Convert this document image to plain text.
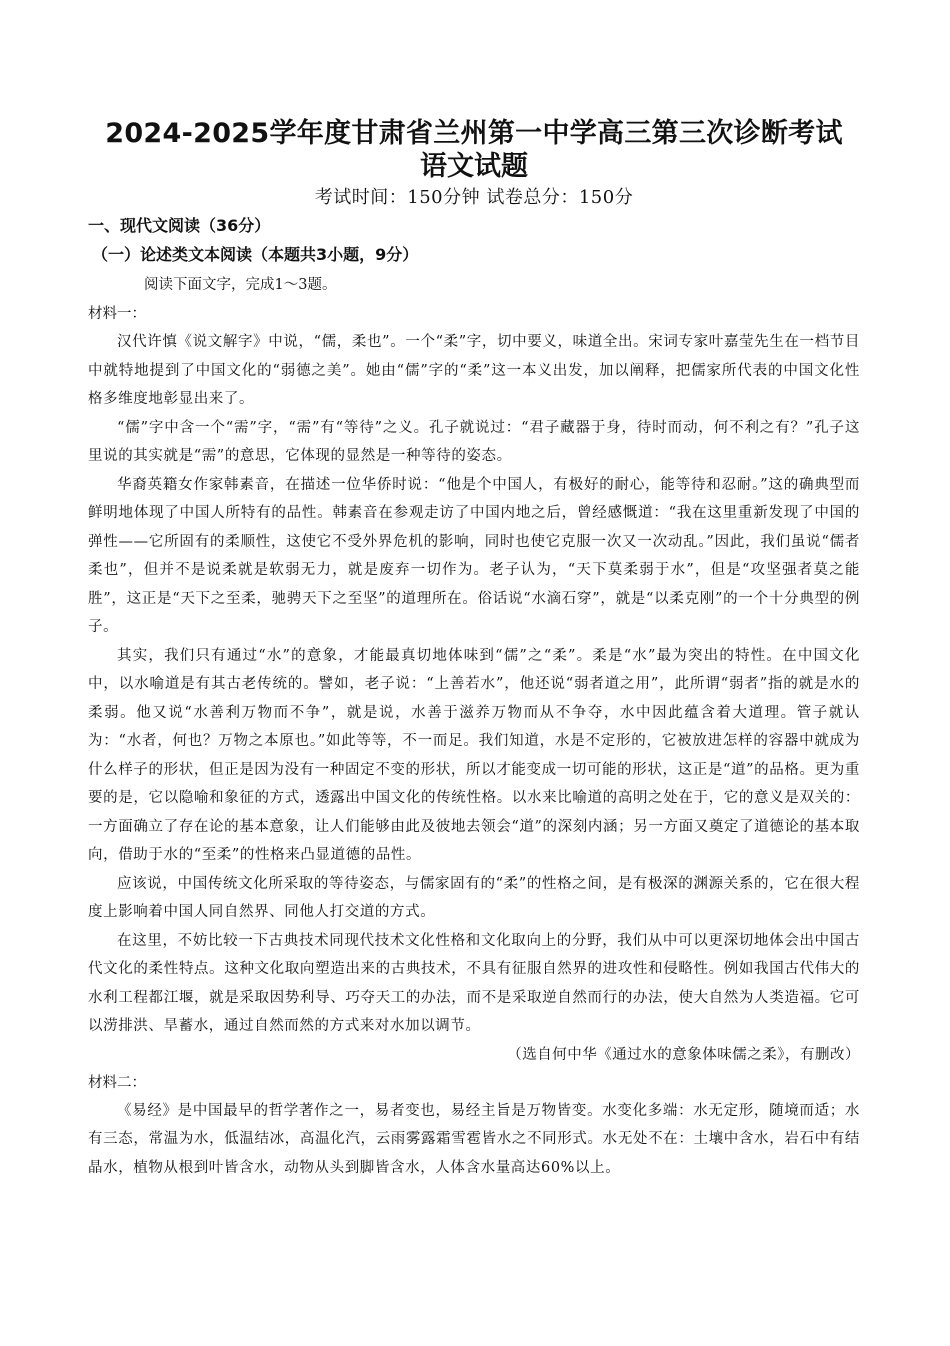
2024-2025学年度甘肃省兰州第一中学高三第三次诊断考试
语文试题

考试时间：150分钟 试卷总分：150分

一、现代文阅读（36分）

（一）论述类文本阅读（本题共3小题，9分）

阅读下面文字，完成1～3题。

材料一：

汉代许慎《说文解字》中说，“儒，柔也”。一个“柔”字，切中要义，味道全出。宋词专家叶嘉莹先生在一档节目中就特地提到了中国文化的“弱德之美”。她由“儒”字的“柔”这一本义出发，加以阐释，把儒家所代表的中国文化性格多维度地彰显出来了。

“儒”字中含一个“需”字，“需”有“等待”之义。孔子就说过：“君子藏器于身，待时而动，何不利之有？”孔子这里说的其实就是“需”的意思，它体现的显然是一种等待的姿态。

华裔英籍女作家韩素音，在描述一位华侨时说：“他是个中国人，有极好的耐心，能等待和忍耐。”这的确典型而鲜明地体现了中国人所特有的品性。韩素音在参观走访了中国内地之后，曾经感慨道：“我在这里重新发现了中国的弹性——它所固有的柔顺性，这使它不受外界危机的影响，同时也使它克服一次又一次动乱。”因此，我们虽说“儒者柔也”，但并不是说柔就是软弱无力，就是废弃一切作为。老子认为，“天下莫柔弱于水”，但是“攻坚强者莫之能胜”，这正是“天下之至柔，驰骋天下之至坚”的道理所在。俗话说“水滴石穿”，就是“以柔克刚”的一个十分典型的例子。

其实，我们只有通过“水”的意象，才能最真切地体味到“儒”之“柔”。柔是“水”最为突出的特性。在中国文化中，以水喻道是有其古老传统的。譬如，老子说：“上善若水”，他还说“弱者道之用”，此所谓“弱者”指的就是水的柔弱。他又说“水善利万物而不争”，就是说，水善于滋养万物而从不争夺，水中因此蕴含着大道理。管子就认为：“水者，何也？万物之本原也。”如此等等，不一而足。我们知道，水是不定形的，它被放进怎样的容器中就成为什么样子的形状，但正是因为没有一种固定不变的形状，所以才能变成一切可能的形状，这正是“道”的品格。更为重要的是，它以隐喻和象征的方式，透露出中国文化的传统性格。以水来比喻道的高明之处在于，它的意义是双关的：一方面确立了存在论的基本意象，让人们能够由此及彼地去领会“道”的深刻内涵；另一方面又奠定了道德论的基本取向，借助于水的“至柔”的性格来凸显道德的品性。

应该说，中国传统文化所采取的等待姿态，与儒家固有的“柔”的性格之间，是有极深的渊源关系的，它在很大程度上影响着中国人同自然界、同他人打交道的方式。

在这里，不妨比较一下古典技术同现代技术文化性格和文化取向上的分野，我们从中可以更深切地体会出中国古代文化的柔性特点。这种文化取向塑造出来的古典技术，不具有征服自然界的进攻性和侵略性。例如我国古代伟大的水利工程都江堰，就是采取因势利导、巧夺天工的办法，而不是采取逆自然而行的办法，使大自然为人类造福。它可以涝排洪、旱蓄水，通过自然而然的方式来对水加以调节。

（选自何中华《通过水的意象体味儒之柔》，有删改）

材料二：

《易经》是中国最早的哲学著作之一，易者变也，易经主旨是万物皆变。水变化多端：水无定形，随境而适；水有三态，常温为水，低温结冰，高温化汽，云雨雾露霜雪雹皆水之不同形式。水无处不在：土壤中含水，岩石中有结晶水，植物从根到叶皆含水，动物从头到脚皆含水，人体含水量高达60%以上。
